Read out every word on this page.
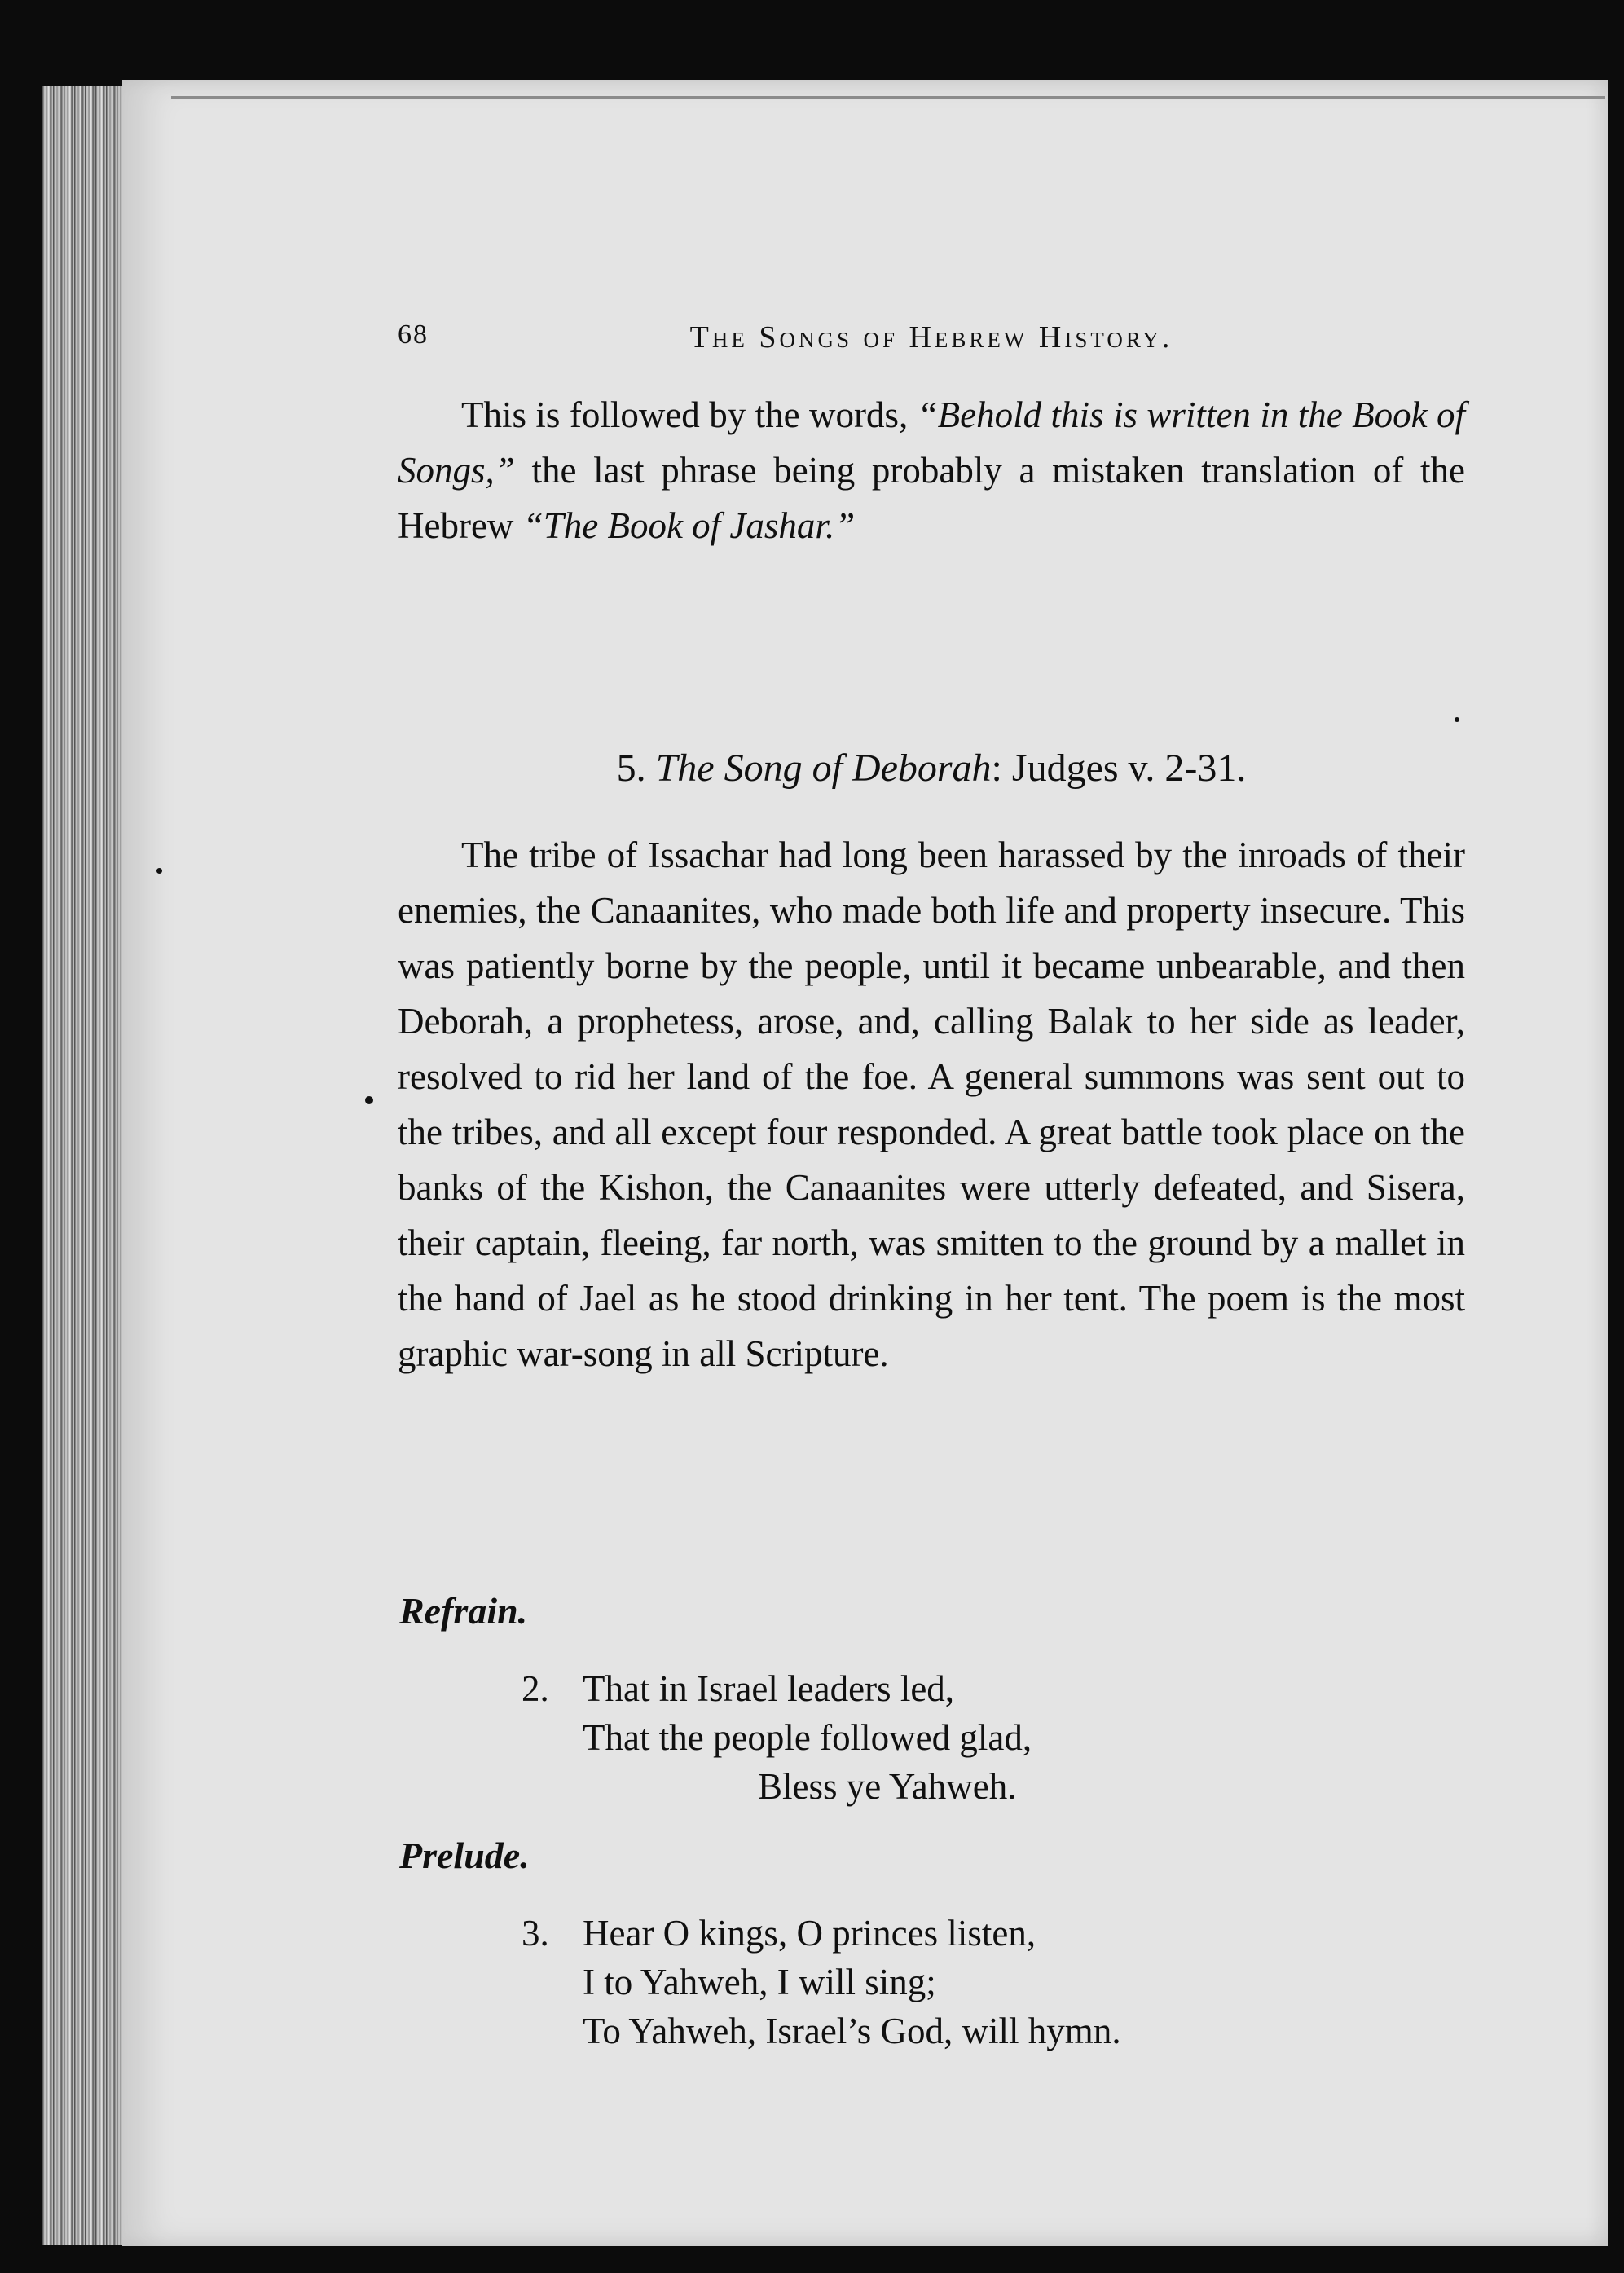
68	The Songs of Hebrew History.

This is followed by the words, “Behold this is written in the Book of Songs,” the last phrase being probably a mistaken translation of the Hebrew “The Book of Jashar.”

5. The Song of Deborah: Judges v. 2-31.

The tribe of Issachar had long been harassed by the inroads of their enemies, the Canaanites, who made both life and property insecure. This was patiently borne by the people, until it became unbearable, and then Deborah, a prophetess, arose, and, calling Balak to her side as leader, resolved to rid her land of the foe. A general summons was sent out to the tribes, and all except four responded. A great battle took place on the banks of the Kishon, the Canaanites were utterly defeated, and Sisera, their captain, fleeing, far north, was smitten to the ground by a mallet in the hand of Jael as he stood drinking in her tent. The poem is the most graphic war-song in all Scripture.

Refrain.
2. That in Israel leaders led,
That the people followed glad,
Bless ye Yahweh.
Prelude.
3. Hear O kings, O princes listen,
I to Yahweh, I will sing;
To Yahweh, Israel’s God, will hymn.
